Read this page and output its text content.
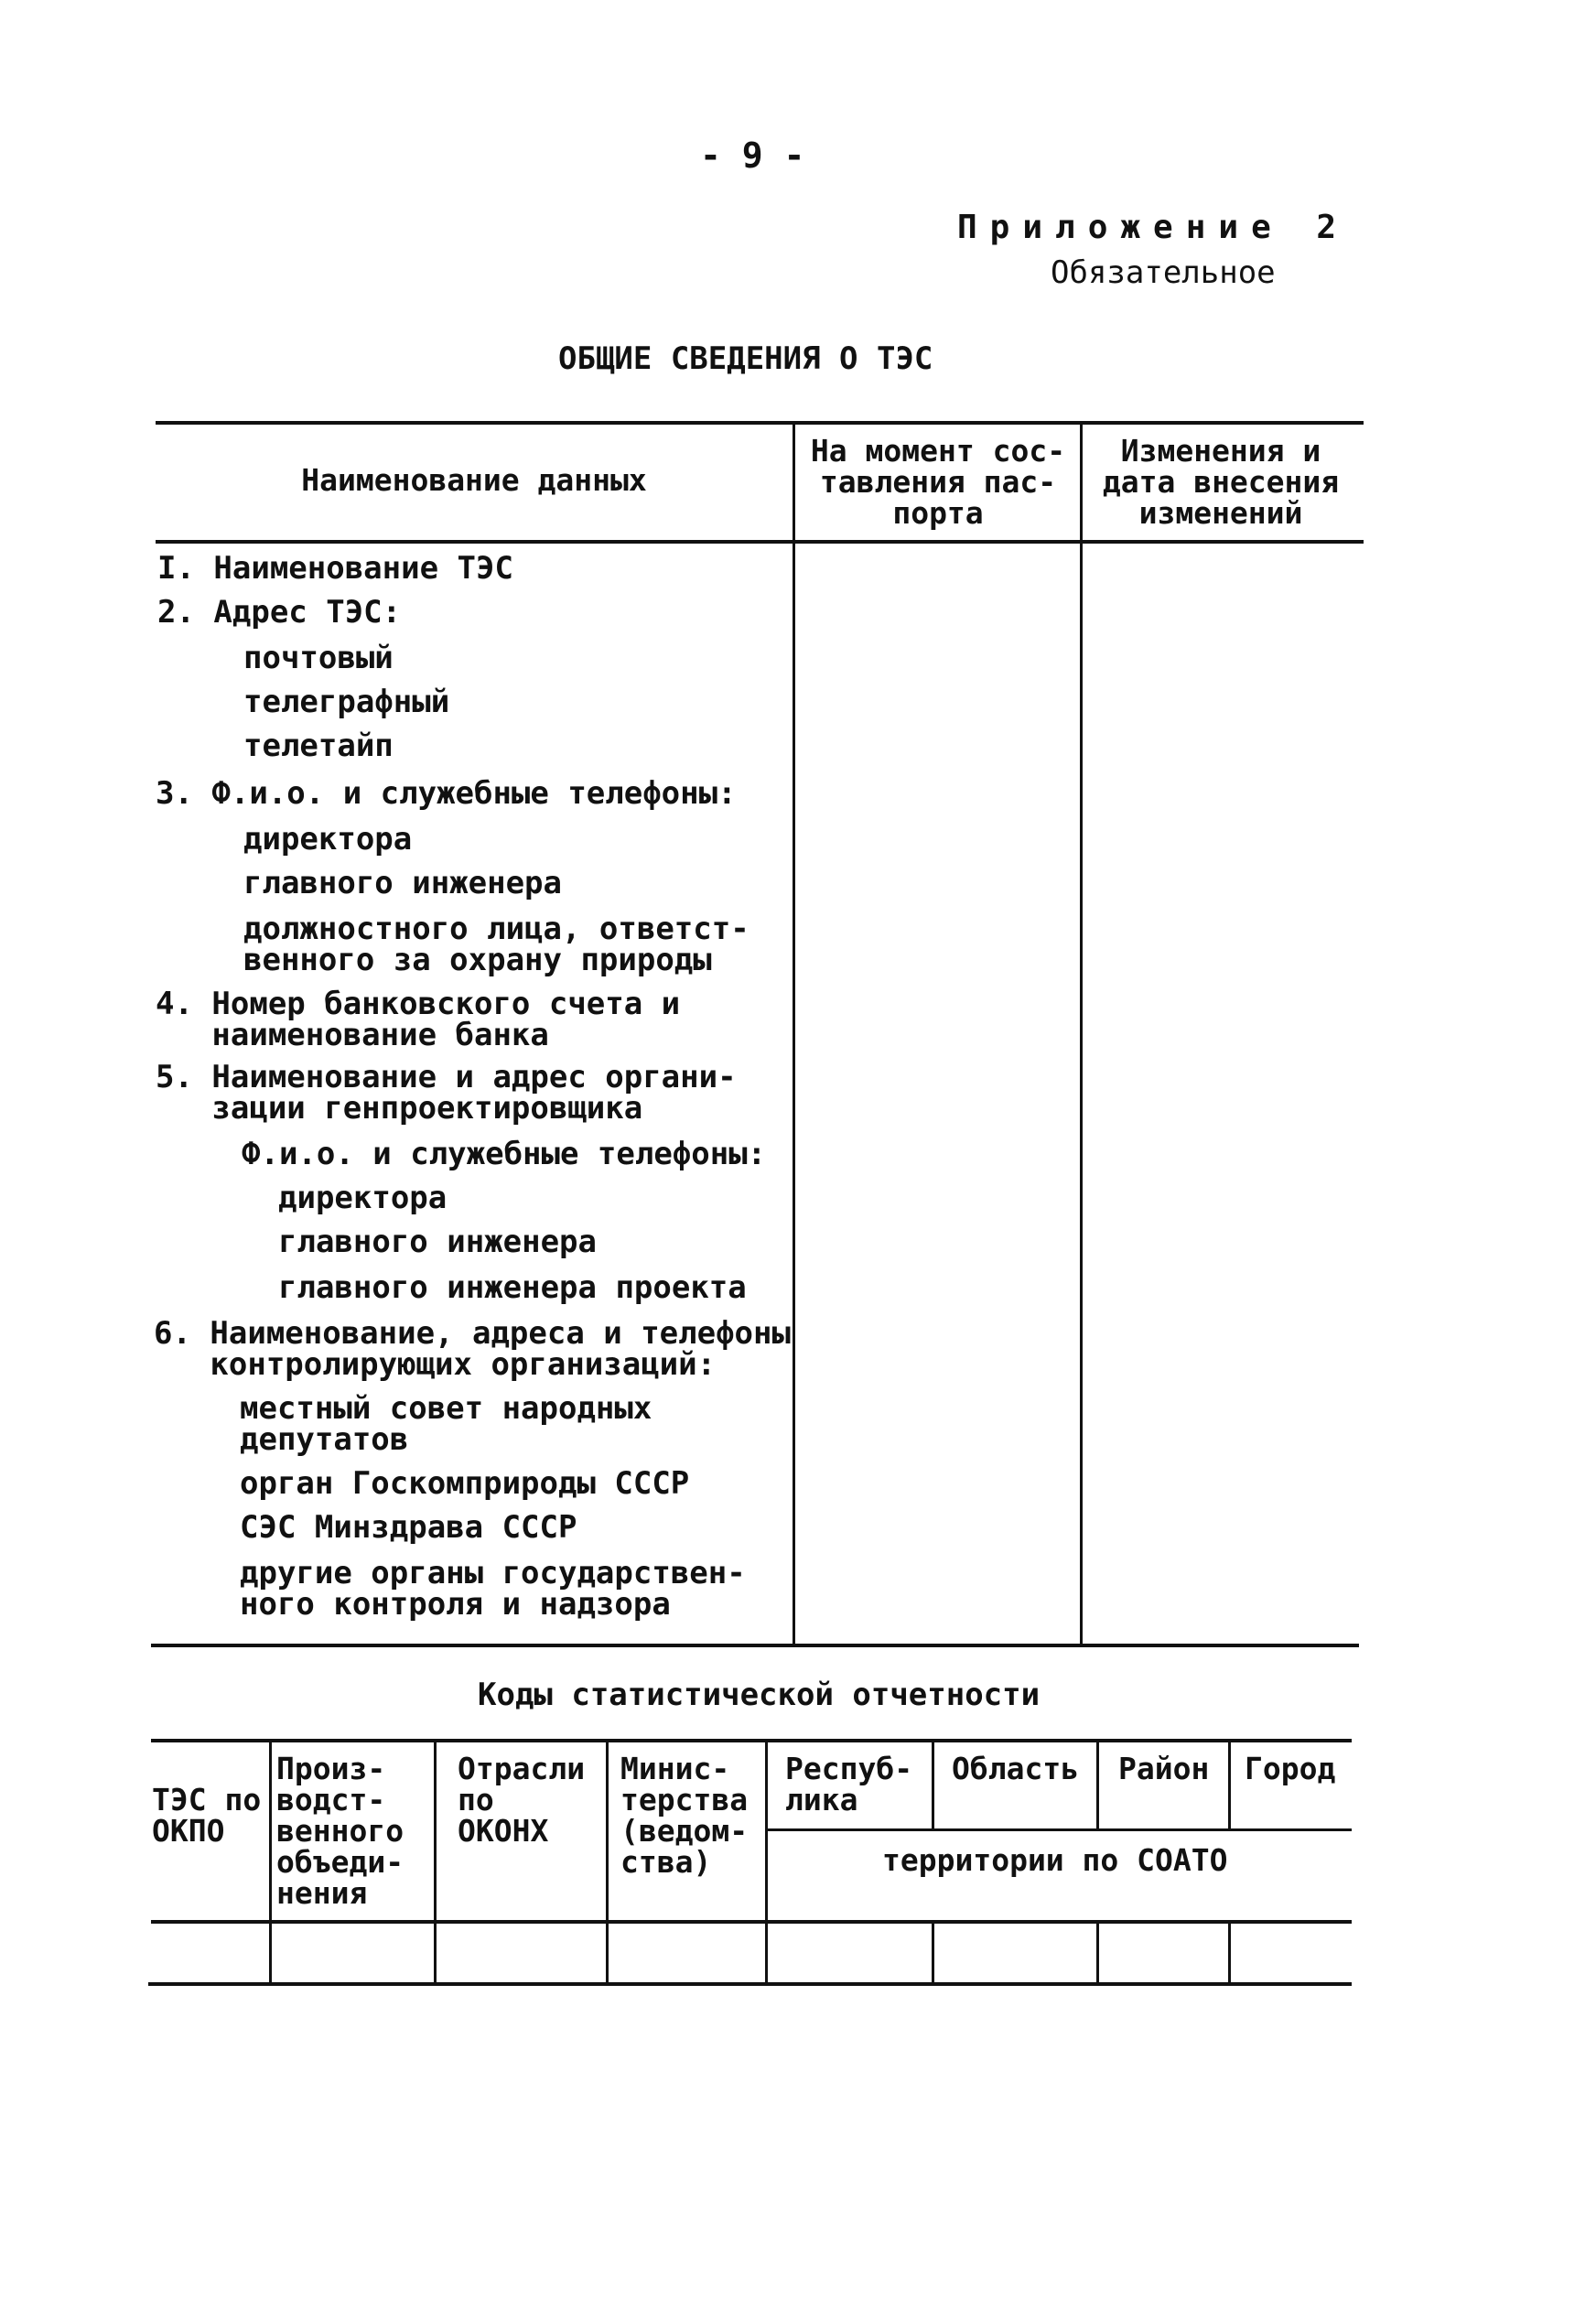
- 9 -
Приложение 2
Обязательное
ОБЩИЕ СВЕДЕНИЯ О ТЭС
Наименование данных
На момент сос-
тавления пас-
порта
Изменения и
дата внесения
изменений
I. Наименование ТЭС
2. Адрес ТЭС:
почтовый
телеграфный
телетайп
3. Ф.и.о. и служебные телефоны:
директора
главного инженера
должностного лица, ответст-
венного за охрану природы
4. Номер банковского счета и
наименование банка
5. Наименование и адрес органи-
зации генпроектировщика
Ф.и.о. и служебные телефоны:
директора
главного инженера
главного инженера проекта
6. Наименование, адреса и телефоны
контролирующих организаций:
местный совет народных
депутатов
орган Госкомприроды СССР
СЭС Минздрава СССР
другие органы государствен-
ного контроля и надзора
Коды статистической отчетности
ТЭС по
ОКПО
Произ-
водст-
венного
объеди-
нения
Отрасли
по
ОКОНХ
Минис-
терства
(ведом-
ства)
Респуб-
лика
Область Район Город
территории по СОАТО
